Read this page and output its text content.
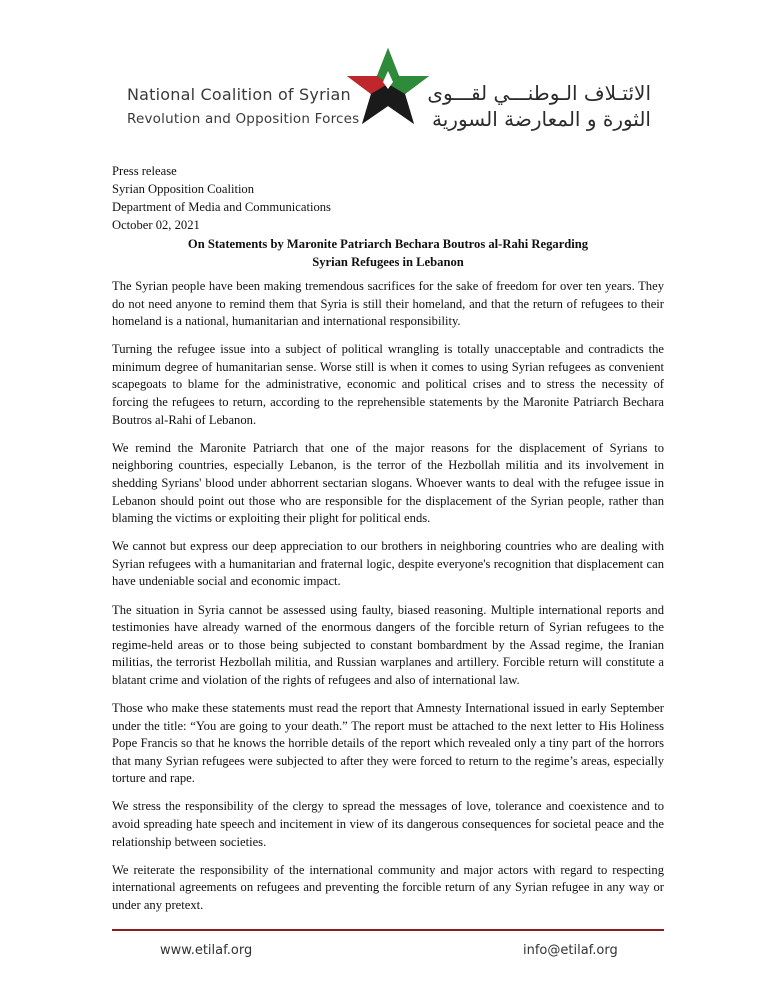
National Coalition of Syrian
Revolution and Opposition Forces
الائتـلاف الـوطنـــي لقـــوى
الثورة و المعارضة السورية
Press release
Syrian Opposition Coalition
Department of Media and Communications
October 02, 2021
On Statements by Maronite Patriarch Bechara Boutros al-Rahi Regarding
Syrian Refugees in Lebanon

The Syrian people have been making tremendous sacrifices for the sake of freedom for over ten years. They do not need anyone to remind them that Syria is still their homeland, and that the return of refugees to their homeland is a national, humanitarian and international responsibility.

Turning the refugee issue into a subject of political wrangling is totally unacceptable and contradicts the minimum degree of humanitarian sense. Worse still is when it comes to using Syrian refugees as convenient scapegoats to blame for the administrative, economic and political crises and to stress the necessity of forcing the refugees to return, according to the reprehensible statements by the Maronite Patriarch Bechara Boutros al-Rahi of Lebanon.

We remind the Maronite Patriarch that one of the major reasons for the displacement of Syrians to neighboring countries, especially Lebanon, is the terror of the Hezbollah militia and its involvement in shedding Syrians' blood under abhorrent sectarian slogans. Whoever wants to deal with the refugee issue in Lebanon should point out those who are responsible for the displacement of the Syrian people, rather than blaming the victims or exploiting their plight for political ends.

We cannot but express our deep appreciation to our brothers in neighboring countries who are dealing with Syrian refugees with a humanitarian and fraternal logic, despite everyone's recognition that displacement can have undeniable social and economic impact.

The situation in Syria cannot be assessed using faulty, biased reasoning. Multiple international reports and testimonies have already warned of the enormous dangers of the forcible return of Syrian refugees to the regime-held areas or to those being subjected to constant bombardment by the Assad regime, the Iranian militias, the terrorist Hezbollah militia, and Russian warplanes and artillery. Forcible return will constitute a blatant crime and violation of the rights of refugees and also of international law.

Those who make these statements must read the report that Amnesty International issued in early September under the title: “You are going to your death.” The report must be attached to the next letter to His Holiness Pope Francis so that he knows the horrible details of the report which revealed only a tiny part of the horrors that many Syrian refugees were subjected to after they were forced to return to the regime’s areas, especially torture and rape.

We stress the responsibility of the clergy to spread the messages of love, tolerance and coexistence and to avoid spreading hate speech and incitement in view of its dangerous consequences for societal peace and the relationship between societies.

We reiterate the responsibility of the international community and major actors with regard to respecting international agreements on refugees and preventing the forcible return of any Syrian refugee in any way or under any pretext.

www.etilaf.org	info@etilaf.org
